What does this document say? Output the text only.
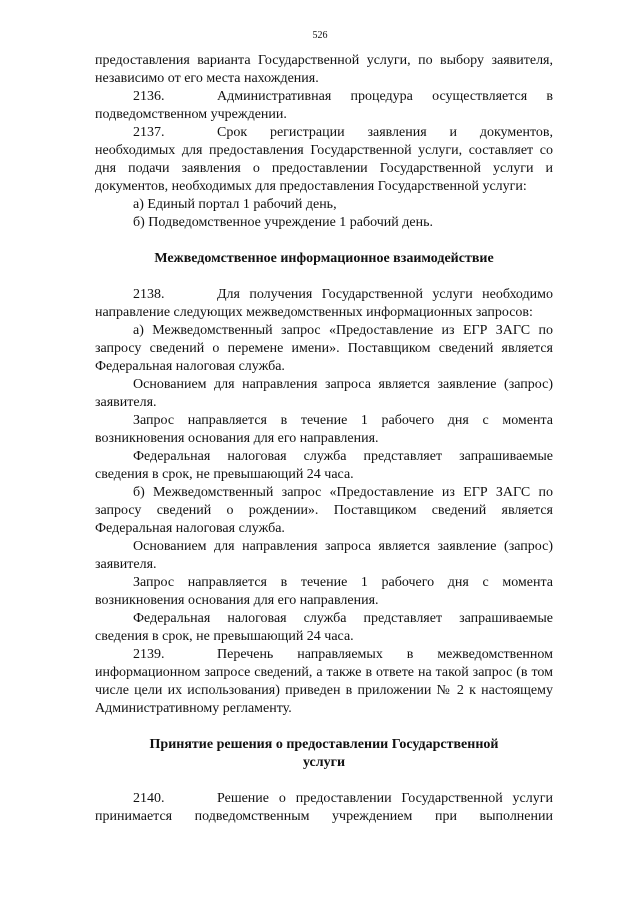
526

предоставления варианта Государственной услуги, по выбору заявителя, независимо от его места нахождения.

2136.	Административная процедура осуществляется в подведомственном учреждении.

2137.	Срок регистрации заявления и документов, необходимых для предоставления Государственной услуги, составляет со дня подачи заявления о предоставлении Государственной услуги и документов, необходимых для предоставления Государственной услуги:

а) Единый портал 1 рабочий день,

б) Подведомственное учреждение 1 рабочий день.

Межведомственное информационное взаимодействие

2138.	Для получения Государственной услуги необходимо направление следующих межведомственных информационных запросов:

а) Межведомственный запрос «Предоставление из ЕГР ЗАГС по запросу сведений о перемене имени». Поставщиком сведений является Федеральная налоговая служба.

Основанием для направления запроса является заявление (запрос) заявителя.

Запрос направляется в течение 1 рабочего дня с момента возникновения основания для его направления.

Федеральная налоговая служба представляет запрашиваемые сведения в срок, не превышающий 24 часа.

б) Межведомственный запрос «Предоставление из ЕГР ЗАГС по запросу сведений о рождении». Поставщиком сведений является Федеральная налоговая служба.

Основанием для направления запроса является заявление (запрос) заявителя.

Запрос направляется в течение 1 рабочего дня с момента возникновения основания для его направления.

Федеральная налоговая служба представляет запрашиваемые сведения в срок, не превышающий 24 часа.

2139.	Перечень направляемых в межведомственном информационном запросе сведений, а также в ответе на такой запрос (в том числе цели их использования) приведен в приложении № 2 к настоящему Административному регламенту.

Принятие решения о предоставлении Государственной услуги

2140.	Решение о предоставлении Государственной услуги принимается подведомственным учреждением при выполнении
